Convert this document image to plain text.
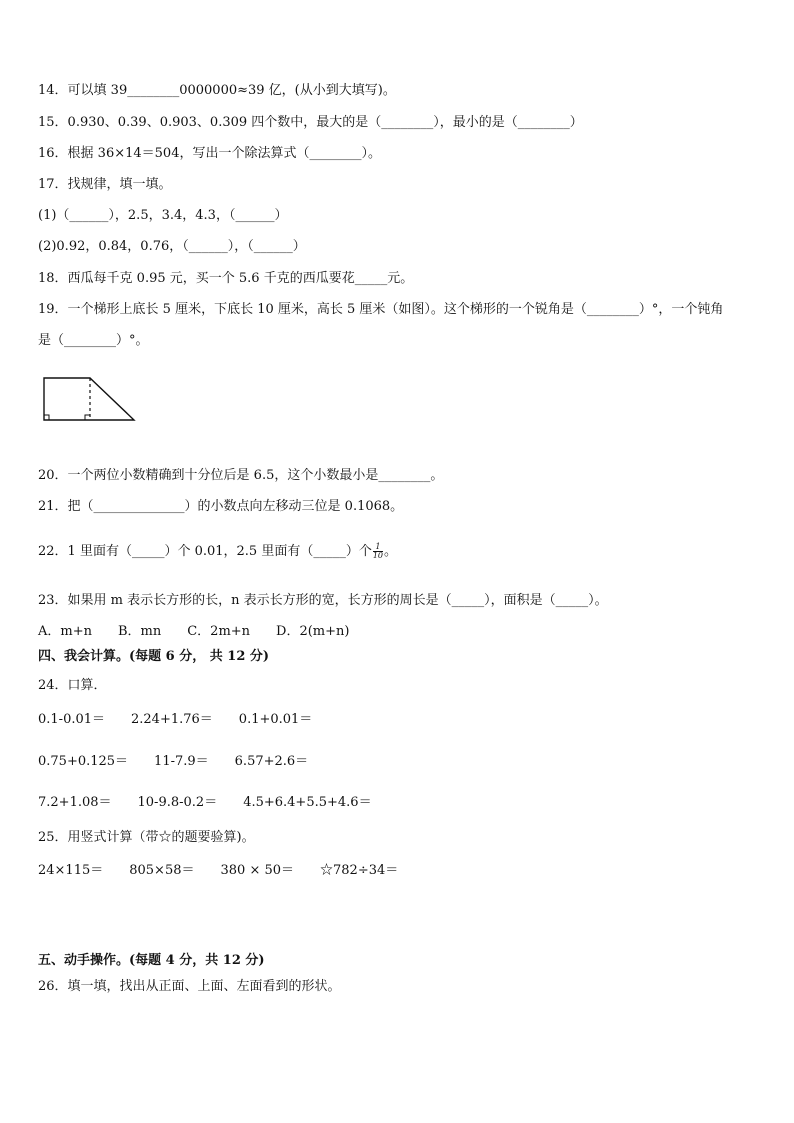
14．可以填 39________0000000≈39 亿，(从小到大填写)。
15．0.930、0.39、0.903、0.309 四个数中，最大的是（________），最小的是（________）
16．根据 36×14＝504，写出一个除法算式（________）。
17．找规律，填一填。
(1)（______），2.5，3.4，4.3，（______）
(2)0.92，0.84，0.76，（______），（______）
18．西瓜每千克 0.95 元，买一个 5.6 千克的西瓜要花_____元。
19．一个梯形上底长 5 厘米，下底长 10 厘米，高长 5 厘米（如图）。这个梯形的一个锐角是（________）°，一个钝角
是（________）°。
20．一个两位小数精确到十分位后是 6.5，这个小数最小是________。
21．把（______________）的小数点向左移动三位是 0.1068。
22．1 里面有（_____）个 0.01，2.5 里面有（_____）个 $\frac{1}{10}$ 。
23．如果用 m 表示长方形的长，n 表示长方形的宽，长方形的周长是（_____），面积是（_____）。
A．m+n　　B．mn　　C．2m+n　　D．2(m+n)
四、我会计算。(每题 6 分， 共 12 分)
24．口算．
0.1-0.01＝　　2.24+1.76＝　　0.1+0.01＝
0.75+0.125＝　　11-7.9＝　　6.57+2.6＝
7.2+1.08＝　　10-9.8-0.2＝　　4.5+6.4+5.5+4.6＝
25．用竖式计算（带☆的题要验算)。
24×115＝　　805×58＝　　380 × 50＝　　☆782÷34＝
五、动手操作。(每题 4 分，共 12 分)
26．填一填，找出从正面、上面、左面看到的形状。
